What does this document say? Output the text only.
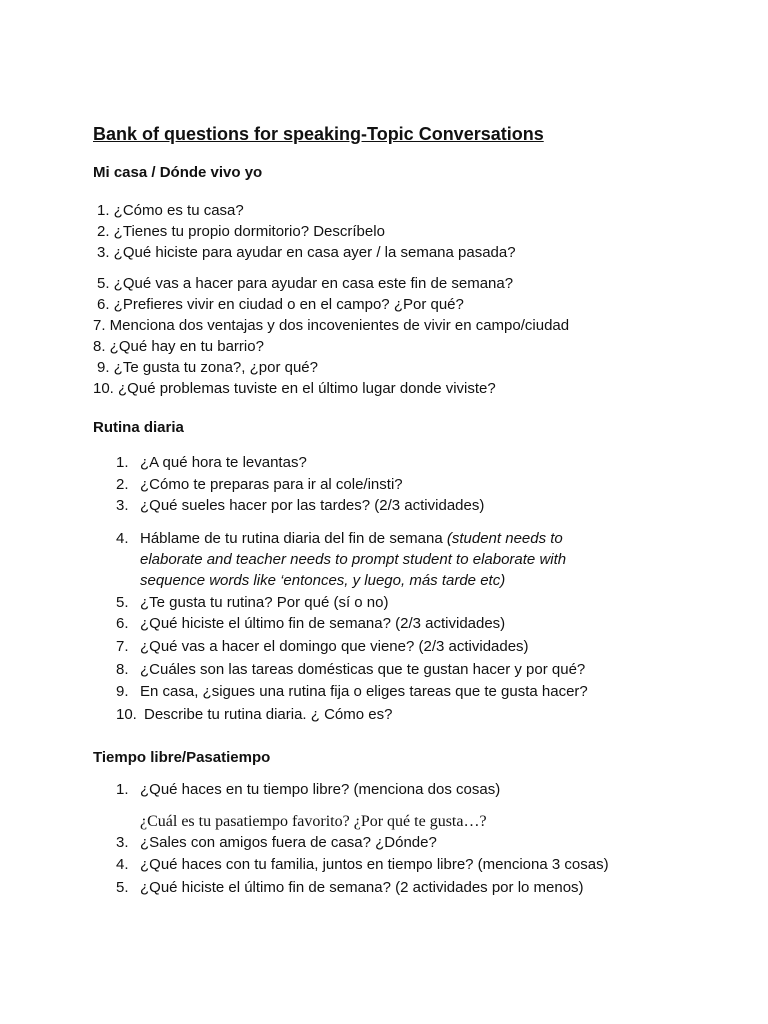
Bank of questions for speaking-Topic Conversations
Mi casa / Dónde vivo yo
1. ¿Cómo es tu casa?
2. ¿Tienes tu propio dormitorio? Descríbelo
3. ¿Qué hiciste para ayudar en casa ayer / la semana pasada?
5. ¿Qué vas a hacer para ayudar en casa este fin de semana?
6. ¿Prefieres vivir en ciudad o en el campo? ¿Por qué?
7. Menciona dos ventajas y dos incovenientes de vivir en campo/ciudad
8. ¿Qué hay en tu barrio?
9. ¿Te gusta tu zona?, ¿por qué?
10. ¿Qué problemas tuviste en el último lugar donde viviste?
Rutina diaria
1. ¿A qué hora te levantas?
2. ¿Cómo te preparas para ir al cole/insti?
3. ¿Qué sueles hacer por las tardes? (2/3 actividades)
4. Háblame de tu rutina diaria del fin de semana (student needs to
elaborate and teacher needs to prompt student to elaborate with
sequence words like ‘entonces, y luego, más tarde etc)
5. ¿Te gusta tu rutina? Por qué (sí o no)
6. ¿Qué hiciste el último fin de semana? (2/3 actividades)
7. ¿Qué vas a hacer el domingo que viene? (2/3 actividades)
8. ¿Cuáles son las tareas domésticas que te gustan hacer y por qué?
9. En casa, ¿sigues una rutina fija o eliges tareas que te gusta hacer?
10. Describe tu rutina diaria. ¿ Cómo es?
Tiempo libre/Pasatiempo
1. ¿Qué haces en tu tiempo libre? (menciona dos cosas)
¿Cuál es tu pasatiempo favorito? ¿Por qué te gusta…?
3. ¿Sales con amigos fuera de casa? ¿Dónde?
4. ¿Qué haces con tu familia, juntos en tiempo libre? (menciona 3 cosas)
5. ¿Qué hiciste el último fin de semana? (2 actividades por lo menos)
